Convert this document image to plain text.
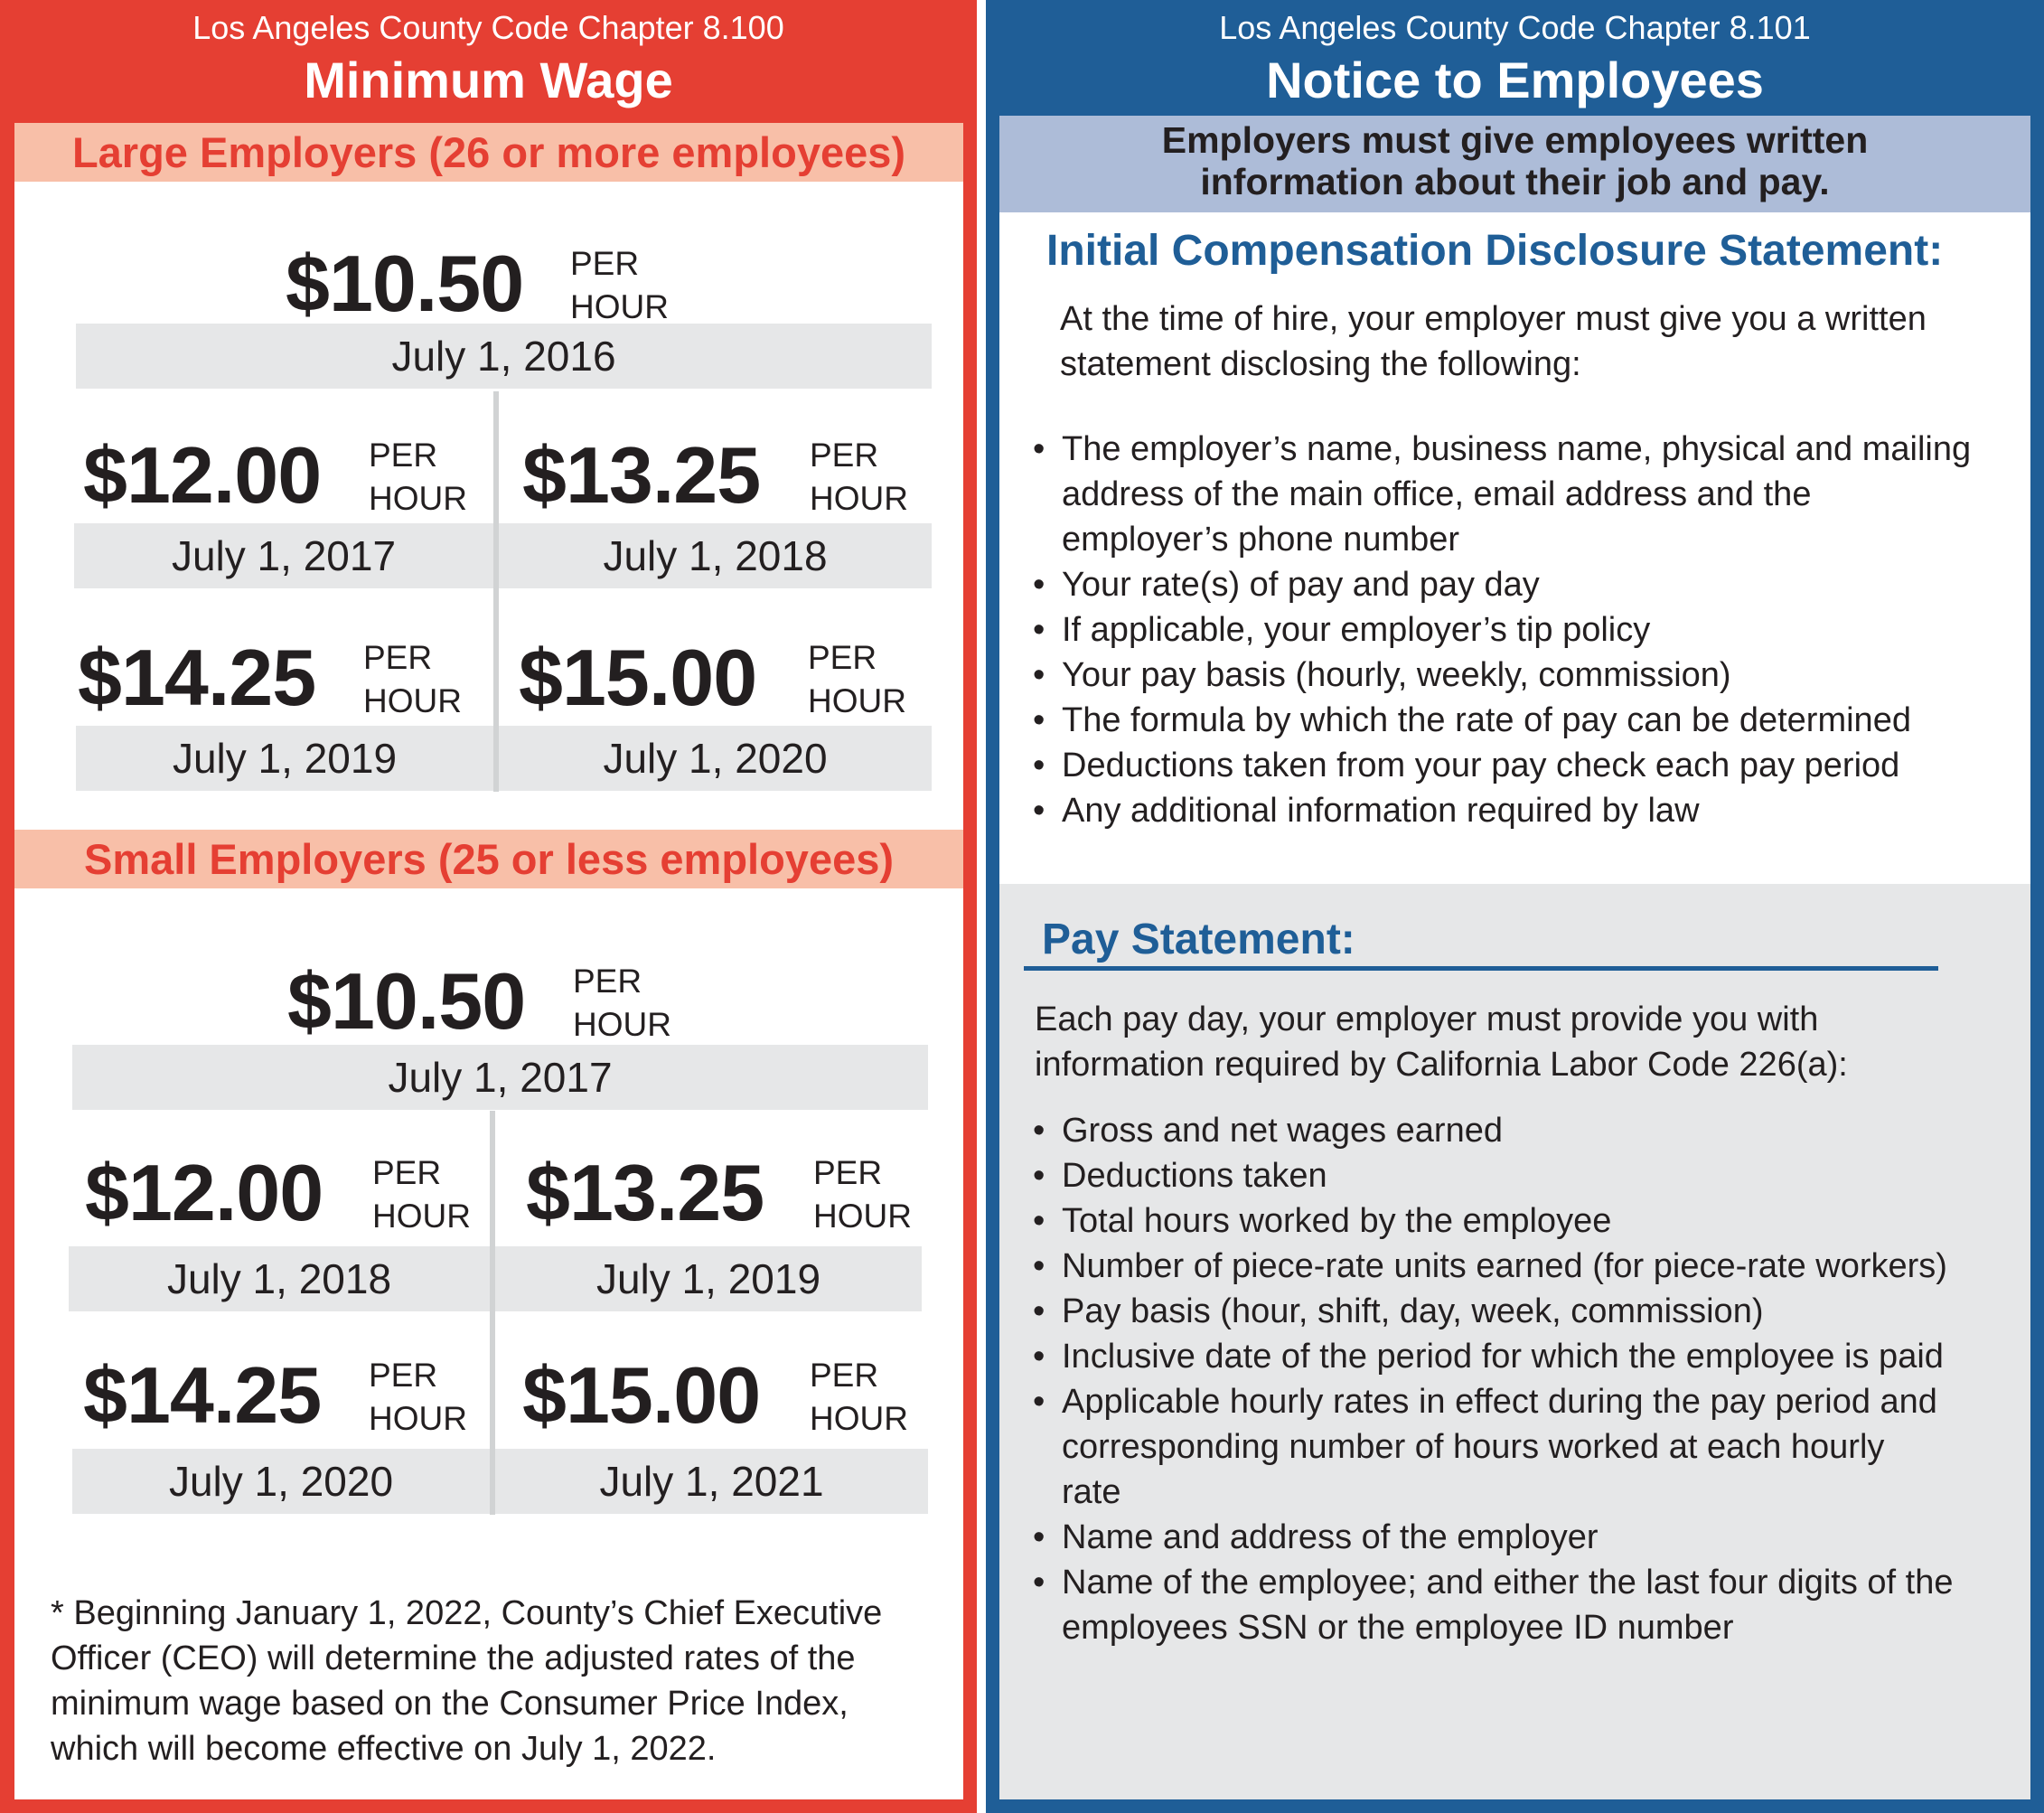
Los Angeles County Code Chapter 8.100
Minimum Wage
Large Employers (26 or more employees)
$10.50 PER
HOUR
July 1, 2016
$12.00 PER
HOUR
July 1, 2017
$13.25 PER
HOUR
July 1, 2018
$14.25 PER
HOUR
July 1, 2019
$15.00 PER
HOUR
July 1, 2020
Small Employers (25 or less employees)
$10.50 PER
HOUR
July 1, 2017
$12.00 PER
HOUR
July 1, 2018
$13.25 PER
HOUR
July 1, 2019
$14.25 PER
HOUR
July 1, 2020
$15.00 PER
HOUR
July 1, 2021
* Beginning January 1, 2022, County’s Chief Executive
Officer (CEO) will determine the adjusted rates of the
minimum wage based on the Consumer Price Index,
which will become effective on July 1, 2022.
Los Angeles County Code Chapter 8.101
Notice to Employees
Employers must give employees written
information about their job and pay.
Initial Compensation Disclosure Statement:
At the time of hire, your employer must give you a written
statement disclosing the following:
• The employer’s name, business name, physical and mailing
address of the main office, email address and the
employer’s phone number
• Your rate(s) of pay and pay day
• If applicable, your employer’s tip policy
• Your pay basis (hourly, weekly, commission)
• The formula by which the rate of pay can be determined
• Deductions taken from your pay check each pay period
• Any additional information required by law
Pay Statement:
Each pay day, your employer must provide you with
information required by California Labor Code 226(a):
• Gross and net wages earned
• Deductions taken
• Total hours worked by the employee
• Number of piece-rate units earned (for piece-rate workers)
• Pay basis (hour, shift, day, week, commission)
• Inclusive date of the period for which the employee is paid
• Applicable hourly rates in effect during the pay period and
corresponding number of hours worked at each hourly
rate
• Name and address of the employer
• Name of the employee; and either the last four digits of the
employees SSN or the employee ID number
